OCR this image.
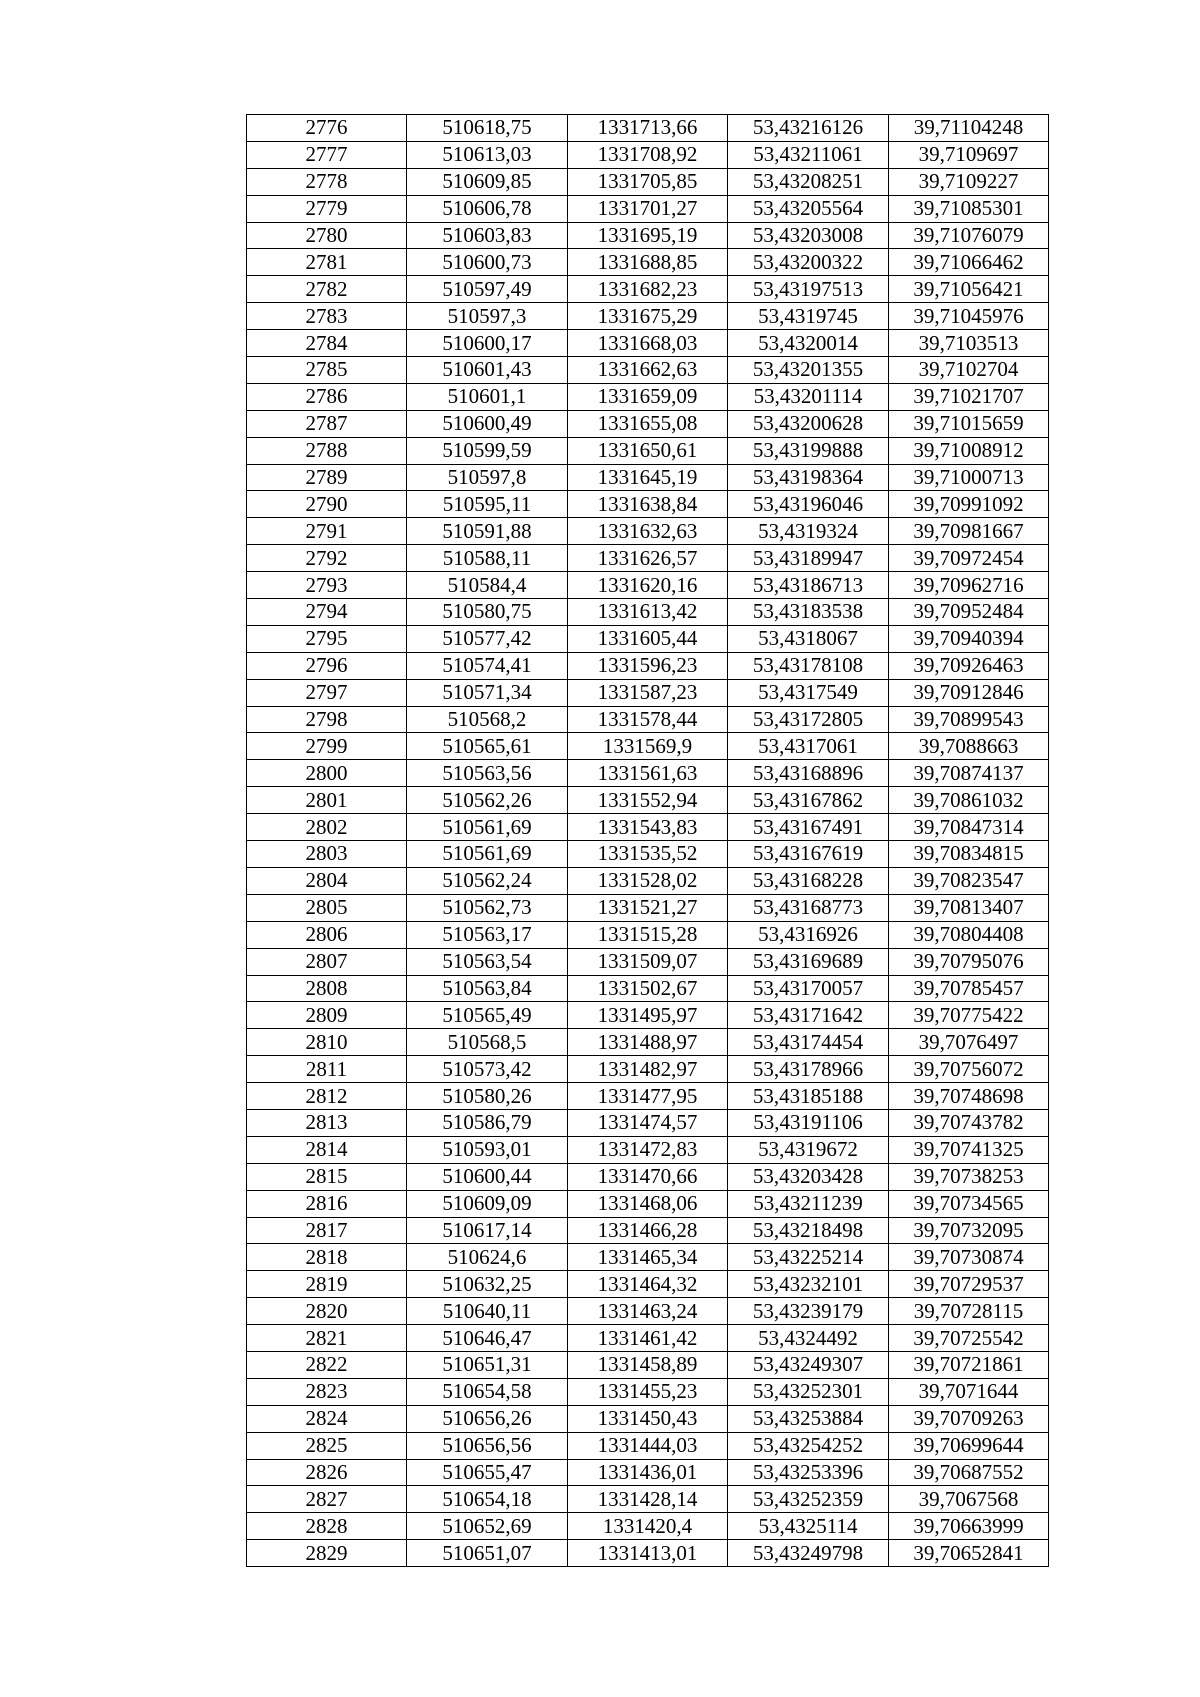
2776	510618,75	1331713,66	53,43216126	39,71104248
2777	510613,03	1331708,92	53,43211061	39,7109697
2778	510609,85	1331705,85	53,43208251	39,7109227
2779	510606,78	1331701,27	53,43205564	39,71085301
2780	510603,83	1331695,19	53,43203008	39,71076079
2781	510600,73	1331688,85	53,43200322	39,71066462
2782	510597,49	1331682,23	53,43197513	39,71056421
2783	510597,3	1331675,29	53,4319745	39,71045976
2784	510600,17	1331668,03	53,4320014	39,7103513
2785	510601,43	1331662,63	53,43201355	39,7102704
2786	510601,1	1331659,09	53,43201114	39,71021707
2787	510600,49	1331655,08	53,43200628	39,71015659
2788	510599,59	1331650,61	53,43199888	39,71008912
2789	510597,8	1331645,19	53,43198364	39,71000713
2790	510595,11	1331638,84	53,43196046	39,70991092
2791	510591,88	1331632,63	53,4319324	39,70981667
2792	510588,11	1331626,57	53,43189947	39,70972454
2793	510584,4	1331620,16	53,43186713	39,70962716
2794	510580,75	1331613,42	53,43183538	39,70952484
2795	510577,42	1331605,44	53,4318067	39,70940394
2796	510574,41	1331596,23	53,43178108	39,70926463
2797	510571,34	1331587,23	53,4317549	39,70912846
2798	510568,2	1331578,44	53,43172805	39,70899543
2799	510565,61	1331569,9	53,4317061	39,7088663
2800	510563,56	1331561,63	53,43168896	39,70874137
2801	510562,26	1331552,94	53,43167862	39,70861032
2802	510561,69	1331543,83	53,43167491	39,70847314
2803	510561,69	1331535,52	53,43167619	39,70834815
2804	510562,24	1331528,02	53,43168228	39,70823547
2805	510562,73	1331521,27	53,43168773	39,70813407
2806	510563,17	1331515,28	53,4316926	39,70804408
2807	510563,54	1331509,07	53,43169689	39,70795076
2808	510563,84	1331502,67	53,43170057	39,70785457
2809	510565,49	1331495,97	53,43171642	39,70775422
2810	510568,5	1331488,97	53,43174454	39,7076497
2811	510573,42	1331482,97	53,43178966	39,70756072
2812	510580,26	1331477,95	53,43185188	39,70748698
2813	510586,79	1331474,57	53,43191106	39,70743782
2814	510593,01	1331472,83	53,4319672	39,70741325
2815	510600,44	1331470,66	53,43203428	39,70738253
2816	510609,09	1331468,06	53,43211239	39,70734565
2817	510617,14	1331466,28	53,43218498	39,70732095
2818	510624,6	1331465,34	53,43225214	39,70730874
2819	510632,25	1331464,32	53,43232101	39,70729537
2820	510640,11	1331463,24	53,43239179	39,70728115
2821	510646,47	1331461,42	53,4324492	39,70725542
2822	510651,31	1331458,89	53,43249307	39,70721861
2823	510654,58	1331455,23	53,43252301	39,7071644
2824	510656,26	1331450,43	53,43253884	39,70709263
2825	510656,56	1331444,03	53,43254252	39,70699644
2826	510655,47	1331436,01	53,43253396	39,70687552
2827	510654,18	1331428,14	53,43252359	39,7067568
2828	510652,69	1331420,4	53,4325114	39,70663999
2829	510651,07	1331413,01	53,43249798	39,70652841
